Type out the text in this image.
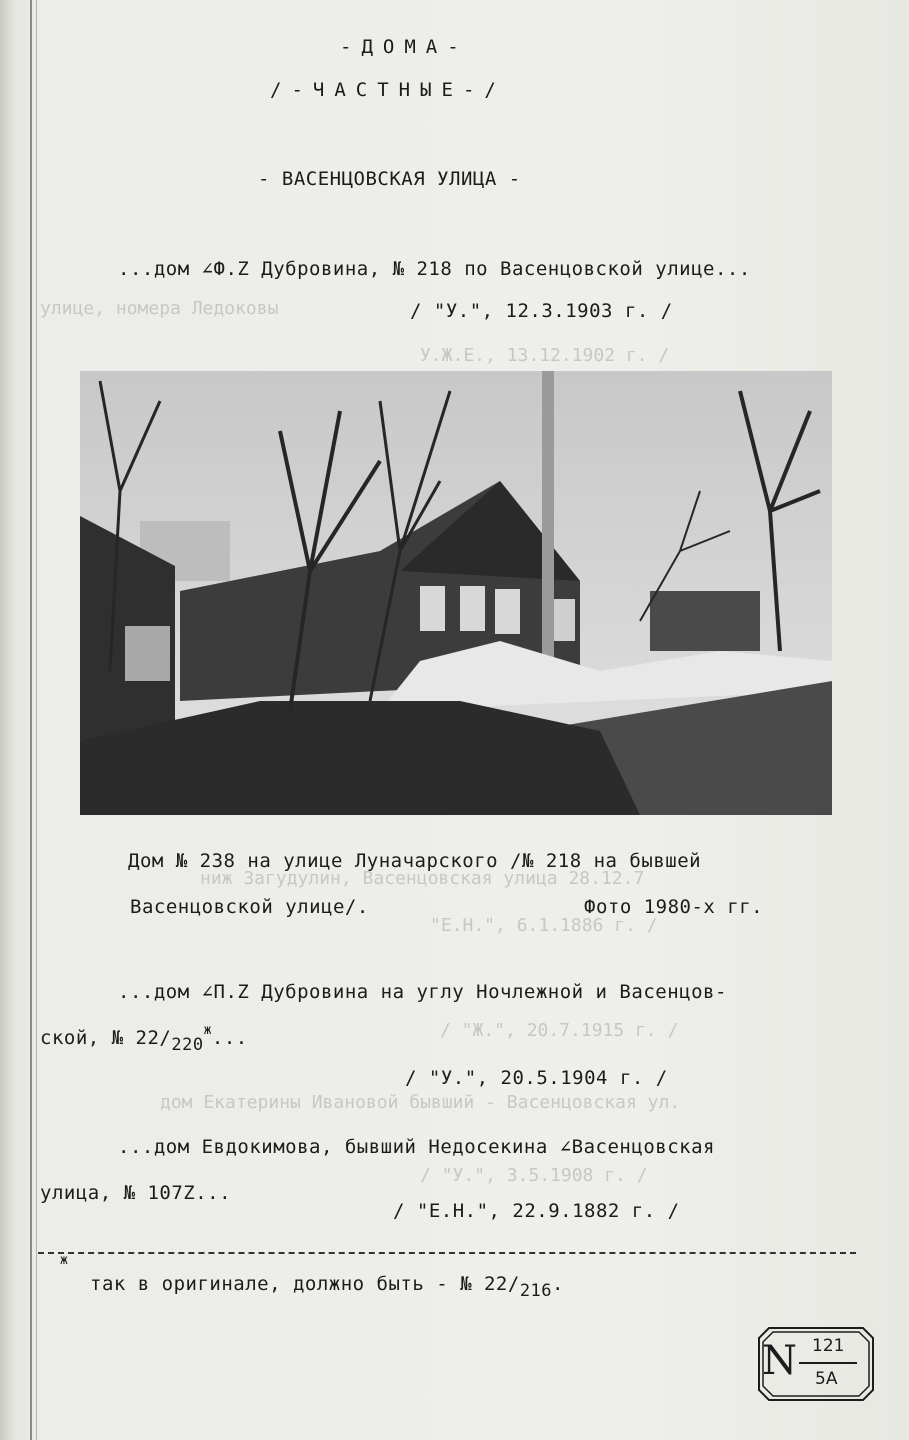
улице, номера Ледоковы
У.Ж.Е., 13.12.1902 г. /
ниж Загудулин, Васенцовская улица 28.12.7
"Е.Н.", 6.1.1886 г. /
/ "Ж.", 20.7.1915 г. /
дом Екатерины Ивановой бывший - Васенцовская ул.
/ "У.", 3.5.1908 г. /
-ДОМА-
/-ЧАСТНЫЕ-/
- ВАСЕНЦОВСКАЯ УЛИЦА -
...дом ∠Ф.Z Дубровина, № 218 по Васенцовской улице...
/ "У.", 12.3.1903 г. /
Дом № 238 на улице Луначарского /№ 218 на бывшей
Васенцовской улице/.	Фото 1980-х гг.
...дом ∠П.Z Дубровина на углу Ночлежной и Васенцов-
ской, № $22/220^ж$...
/ "У.", 20.5.1904 г. /
...дом Евдокимова, бывший Недосекина ∠Васенцовская
улица, № 107Z...
/ "Е.Н.", 22.9.1882 г. /
ж
так в оригинале, должно быть - № 22/216.
N 121
5А
